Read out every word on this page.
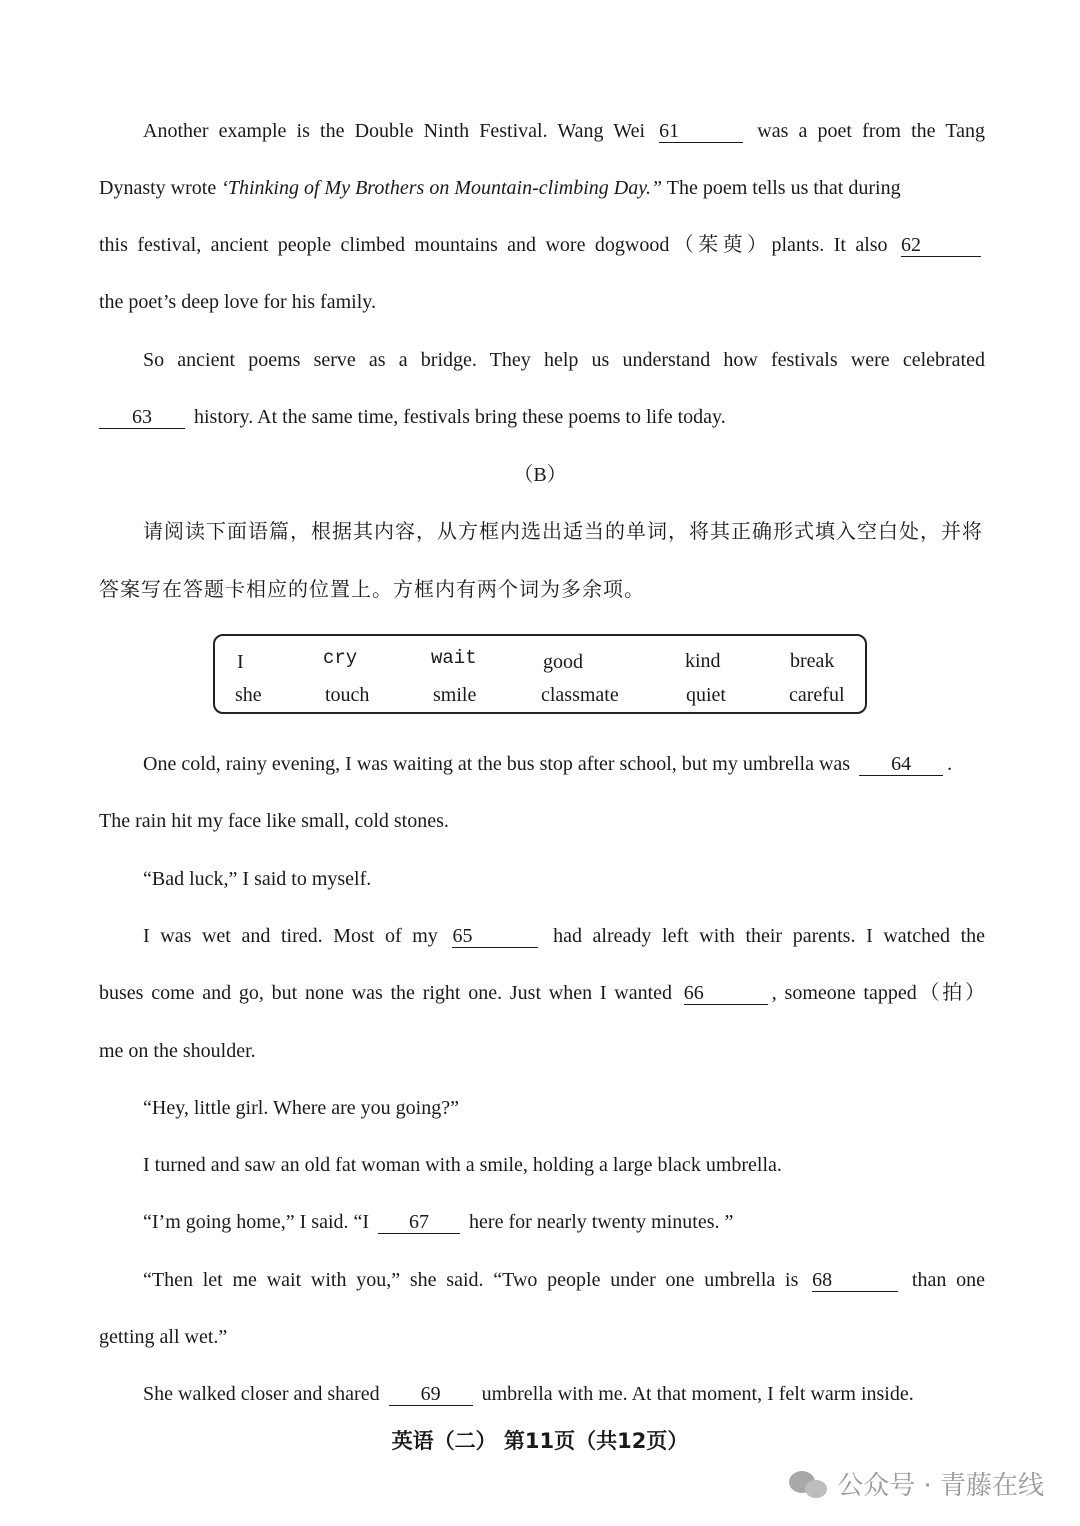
Another example is the Double Ninth Festival. Wang Wei 61	was a poet from the Tang
Dynasty wrote ‘Thinking of My Brothers on Mountain-climbing Day.” The poem tells us that during
this festival, ancient people climbed mountains and wore dogwood（茱萸）plants. It also 62
the poet’s deep love for his family.
So ancient poems serve as a bridge. They help us understand how festivals were celebrated
63 history. At the same time, festivals bring these poems to life today.
（B）
请阅读下面语篇，根据其内容，从方框内选出适当的单词，将其正确形式填入空白处，并将
答案写在答题卡相应的位置上。方框内有两个词为多余项。
I	cry	wait	good	kind	break
she	touch	smile	classmate	quiet	careful
One cold, rainy evening, I was waiting at the bus stop after school, but my umbrella was 64 .
The rain hit my face like small, cold stones.
“Bad luck,” I said to myself.
I was wet and tired. Most of my 65	had already left with their parents. I watched the
buses come and go, but none was the right one. Just when I wanted 66	, someone tapped（拍）
me on the shoulder.
“Hey, little girl. Where are you going?”
I turned and saw an old fat woman with a smile, holding a large black umbrella.
“I’m going home,” I said. “I 67 here for nearly twenty minutes. ”
“Then let me wait with you,” she said. “Two people under one umbrella is 68	than one
getting all wet.”
She walked closer and shared 69 umbrella with me. At that moment, I felt warm inside.
英语（二） 第11页（共12页）
公众号 · 青藤在线
